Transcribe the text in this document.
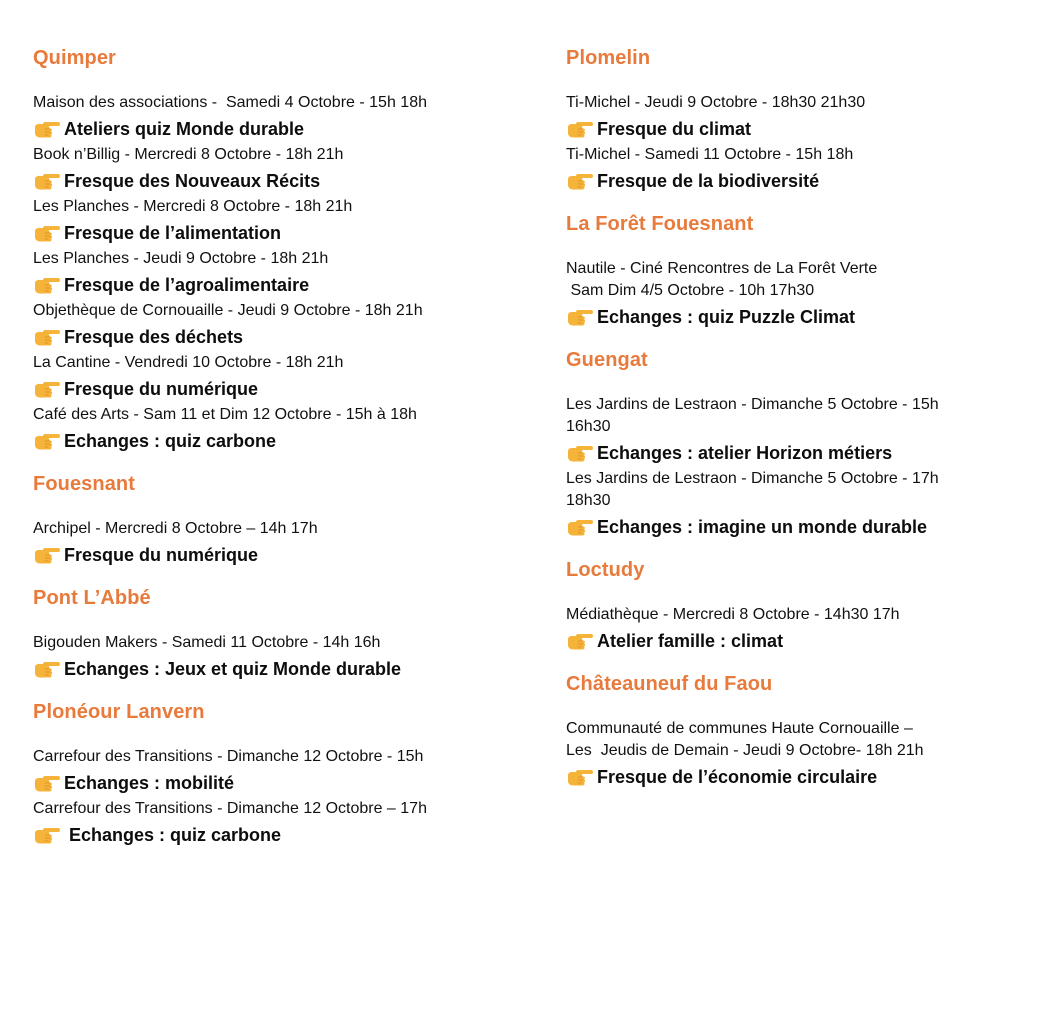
Quimper
Maison des associations -  Samedi 4 Octobre - 15h 18h
Ateliers quiz Monde durable
Book n’Billig - Mercredi 8 Octobre - 18h 21h
Fresque des Nouveaux Récits
Les Planches - Mercredi 8 Octobre - 18h 21h
Fresque de l’alimentation
Les Planches - Jeudi 9 Octobre - 18h 21h
Fresque de l’agroalimentaire
Objethèque de Cornouaille - Jeudi 9 Octobre - 18h 21h
Fresque des déchets
La Cantine - Vendredi 10 Octobre - 18h 21h
Fresque du numérique
Café des Arts - Sam 11 et Dim 12 Octobre - 15h à 18h
Echanges : quiz carbone
Fouesnant
Archipel - Mercredi 8 Octobre – 14h 17h
Fresque du numérique
Pont L’Abbé
Bigouden Makers - Samedi 11 Octobre - 14h 16h
Echanges : Jeux et quiz Monde durable
Plonéour Lanvern
Carrefour des Transitions - Dimanche 12 Octobre - 15h
Echanges : mobilité
Carrefour des Transitions - Dimanche 12 Octobre – 17h
Echanges : quiz carbone
Plomelin
Ti-Michel - Jeudi 9 Octobre - 18h30 21h30
Fresque du climat
Ti-Michel - Samedi 11 Octobre - 15h 18h
Fresque de la biodiversité
La Forêt Fouesnant
Nautile - Ciné Rencontres de La Forêt Verte
Sam Dim 4/5 Octobre - 10h 17h30
Echanges : quiz Puzzle Climat
Guengat
Les Jardins de Lestraon - Dimanche 5 Octobre - 15h
16h30
Echanges : atelier Horizon métiers
Les Jardins de Lestraon - Dimanche 5 Octobre - 17h
18h30
Echanges : imagine un monde durable
Loctudy
Médiathèque - Mercredi 8 Octobre - 14h30 17h
Atelier famille : climat
Châteauneuf du Faou
Communauté de communes Haute Cornouaille –
Les  Jeudis de Demain - Jeudi 9 Octobre- 18h 21h
Fresque de l’économie circulaire
